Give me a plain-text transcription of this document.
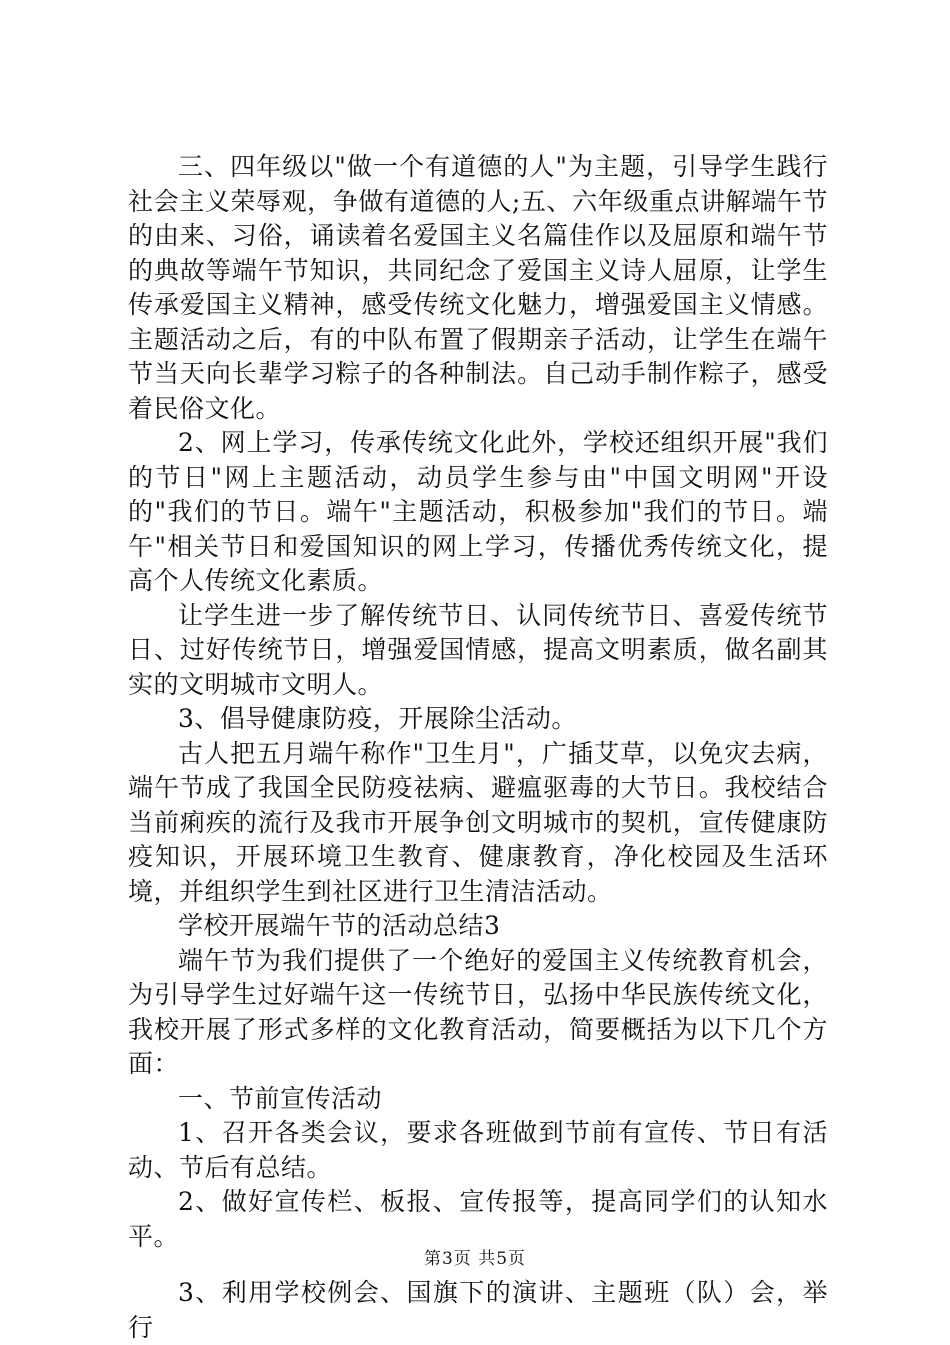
三、四年级以"做一个有道德的人"为主题，引导学生践行社会主义荣辱观，争做有道德的人;五、六年级重点讲解端午节的由来、习俗，诵读着名爱国主义名篇佳作以及屈原和端午节的典故等端午节知识，共同纪念了爱国主义诗人屈原，让学生传承爱国主义精神，感受传统文化魅力，增强爱国主义情感。主题活动之后，有的中队布置了假期亲子活动，让学生在端午节当天向长辈学习粽子的各种制法。自己动手制作粽子，感受着民俗文化。

2、网上学习，传承传统文化此外，学校还组织开展"我们的节日"网上主题活动，动员学生参与由"中国文明网"开设的"我们的节日。端午"主题活动，积极参加"我们的节日。端午"相关节日和爱国知识的网上学习，传播优秀传统文化，提高个人传统文化素质。

让学生进一步了解传统节日、认同传统节日、喜爱传统节日、过好传统节日，增强爱国情感，提高文明素质，做名副其实的文明城市文明人。

3、倡导健康防疫，开展除尘活动。

古人把五月端午称作"卫生月"，广插艾草，以免灾去病，端午节成了我国全民防疫祛病、避瘟驱毒的大节日。我校结合当前痢疾的流行及我市开展争创文明城市的契机，宣传健康防疫知识，开展环境卫生教育、健康教育，净化校园及生活环境，并组织学生到社区进行卫生清洁活动。

学校开展端午节的活动总结3

端午节为我们提供了一个绝好的爱国主义传统教育机会，为引导学生过好端午这一传统节日，弘扬中华民族传统文化，我校开展了形式多样的文化教育活动，简要概括为以下几个方面：

一、节前宣传活动

1、召开各类会议，要求各班做到节前有宣传、节日有活动、节后有总结。

2、做好宣传栏、板报、宣传报等，提高同学们的认知水平。

3、利用学校例会、国旗下的演讲、主题班（队）会，举行

第3页 共5页
